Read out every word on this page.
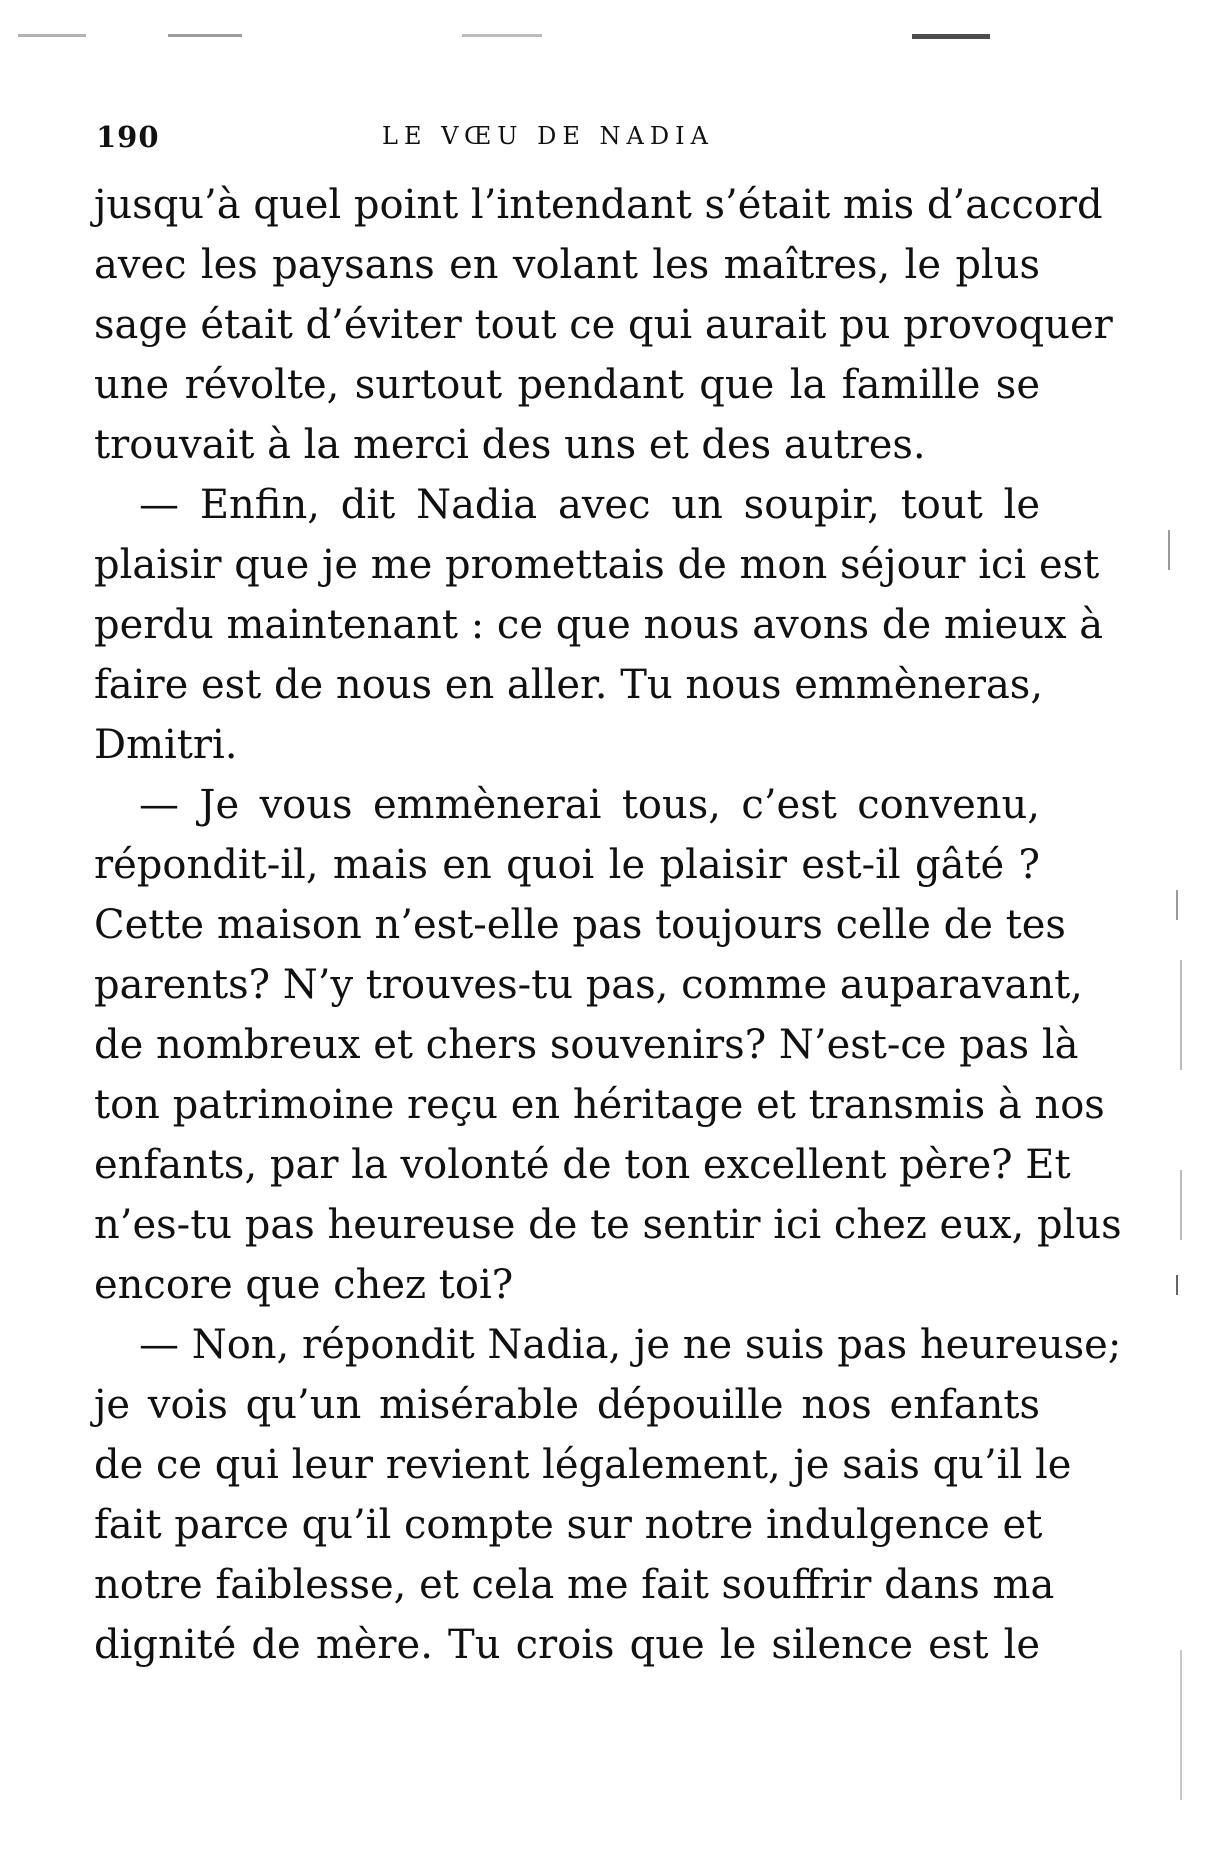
190	LE VŒU DE NADIA
jusqu’à quel point l’intendant s’était mis d’accord
avec les paysans en volant les maîtres, le plus
sage était d’éviter tout ce qui aurait pu provoquer
une révolte, surtout pendant que la famille se
trouvait à la merci des uns et des autres.
— Enfin, dit Nadia avec un soupir, tout le
plaisir que je me promettais de mon séjour ici est
perdu maintenant : ce que nous avons de mieux à
faire est de nous en aller. Tu nous emmèneras,
Dmitri.
— Je vous emmènerai tous, c’est convenu,
répondit-il, mais en quoi le plaisir est-il gâté ?
Cette maison n’est-elle pas toujours celle de tes
parents? N’y trouves-tu pas, comme auparavant,
de nombreux et chers souvenirs? N’est-ce pas là
ton patrimoine reçu en héritage et transmis à nos
enfants, par la volonté de ton excellent père? Et
n’es-tu pas heureuse de te sentir ici chez eux, plus
encore que chez toi?
— Non, répondit Nadia, je ne suis pas heureuse;
je vois qu’un misérable dépouille nos enfants
de ce qui leur revient légalement, je sais qu’il le
fait parce qu’il compte sur notre indulgence et
notre faiblesse, et cela me fait souffrir dans ma
dignité de mère. Tu crois que le silence est le
